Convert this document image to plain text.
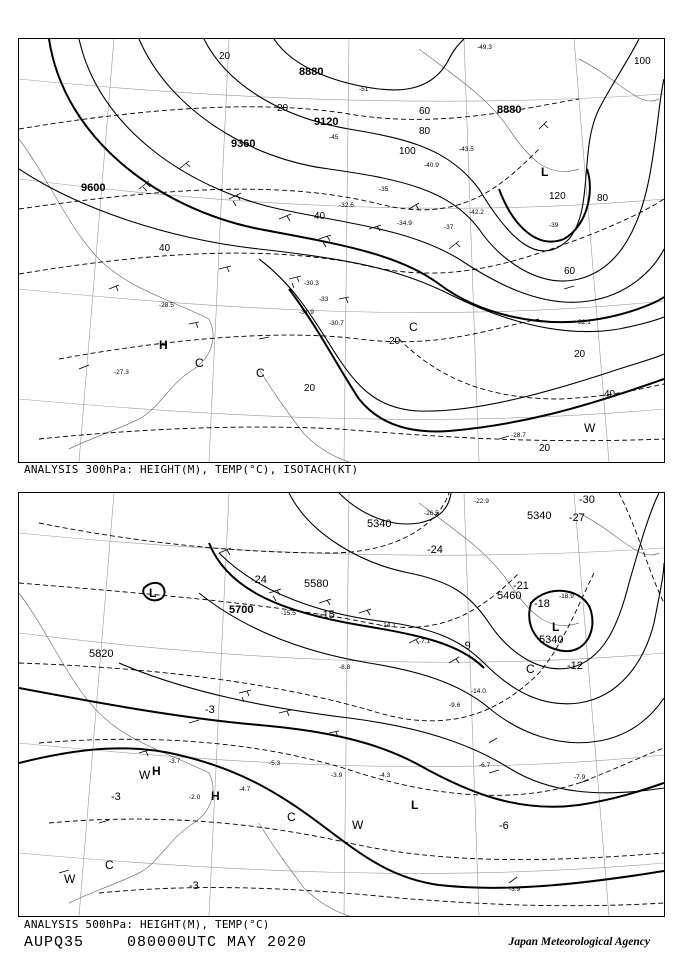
8880
9120
9360
9600
8880
20
40
60
80
100
120
20
40
20
40
20
20
60
80
100
20
L
H
C
C
C
W
-49.3
-51
-45
-43.5
-40.9
-35
-32.6
-34.9
-37
-33
-30.3
-30.7
-31.9
-28.5
-27.3
-28.7
-32.1
-39
-42.2
ANALYSIS 300hPa: HEIGHT(M), TEMP(°C), ISOTACH(KT)
5340
5580
5700
5820
5340
5340
5460
-30
-27
-24
-24	-21
-18
-15
-12
-9
-6
-3
-3
-3
L
L
L
H
H
C
C
C
W
W
W
-22.9
-26.5
-18.9
-15.5
-14.1
-7.1
-8.8
-4.3
-3.9
-6.7
-7.9
-3.9
-2.0
-3.7	-5.3
-4.7
-9.6
-14.0
ANALYSIS 500hPa: HEIGHT(M), TEMP(°C)
AUPQ35	080000UTC MAY 2020	Japan Meteorological Agency
